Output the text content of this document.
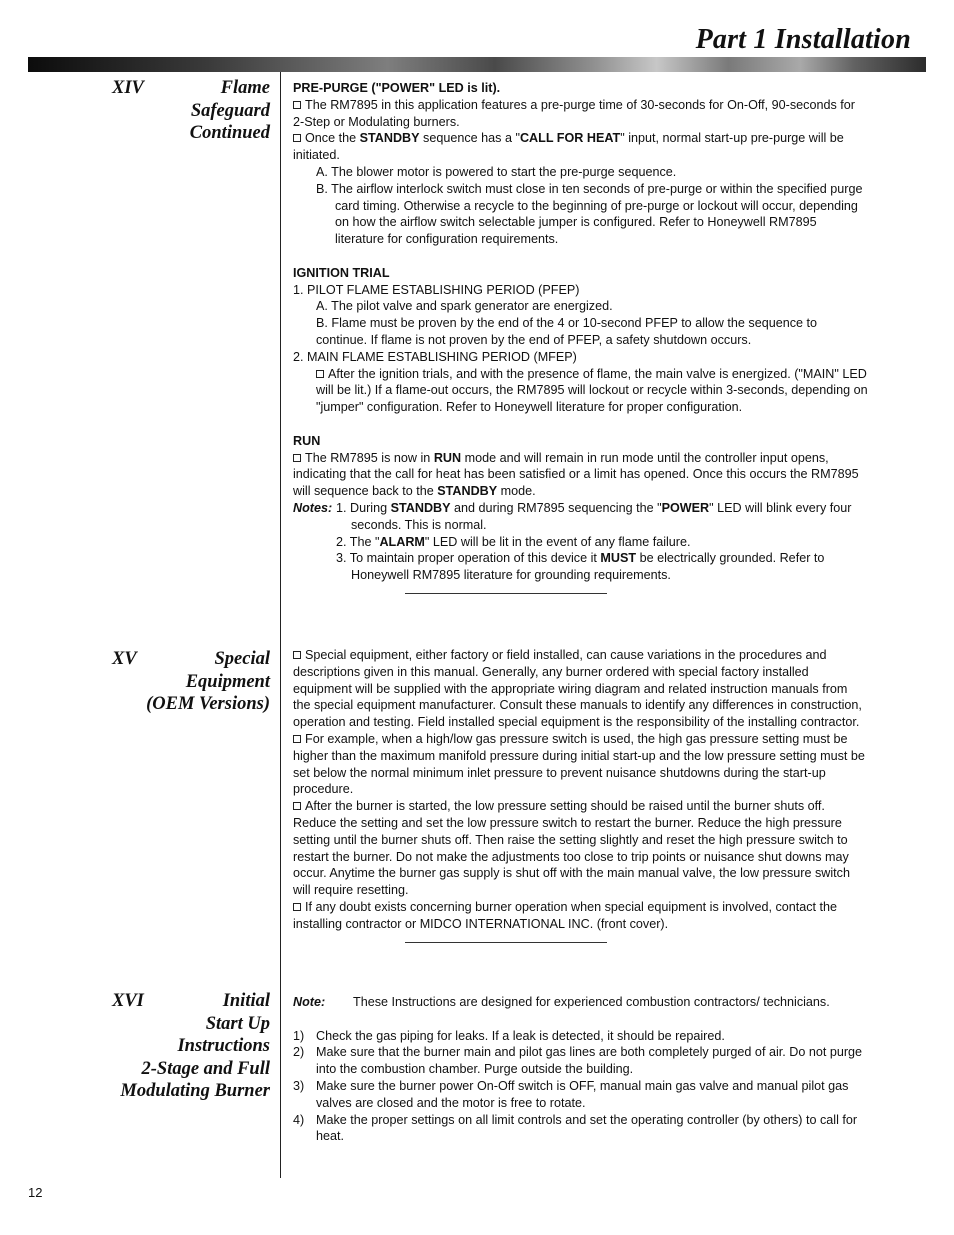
Part 1 Installation
XIV	Flame
Safeguard
Continued

PRE-PURGE ("POWER" LED is lit).

The RM7895 in this application features a pre-purge time of 30-seconds for On-Off, 90-seconds for 2-Step or Modulating burners.

Once the STANDBY sequence has a "CALL FOR HEAT" input, normal start-up pre-purge will be initiated.

A. The blower motor is powered to start the pre-purge sequence.

B. The airflow interlock switch must close in ten seconds of pre-purge or within the specified purge card timing. Otherwise a recycle to the beginning of pre-purge or lockout will occur, depending on how the airflow switch selectable jumper is configured. Refer to Honeywell RM7895 literature for configuration requirements.

IGNITION TRIAL

1. PILOT FLAME ESTABLISHING PERIOD (PFEP)

A. The pilot valve and spark generator are energized.

B. Flame must be proven by the end of the 4 or 10-second PFEP to allow the sequence to continue. If flame is not proven by the end of PFEP, a safety shutdown occurs.

2. MAIN FLAME ESTABLISHING PERIOD (MFEP)

After the ignition trials, and with the presence of flame, the main valve is energized. ("MAIN" LED will be lit.) If a flame-out occurs, the RM7895 will lockout or recycle within 3-seconds, depending on "jumper" configuration. Refer to Honeywell literature for proper configuration.

RUN

The RM7895 is now in RUN mode and will remain in run mode until the controller input opens, indicating that the call for heat has been satisfied or a limit has opened. Once this occurs the RM7895 will sequence back to the STANDBY mode.

Notes: 1. During STANDBY and during RM7895 sequencing the "POWER" LED will blink every four seconds. This is normal.

2. The "ALARM" LED will be lit in the event of any flame failure.

3. To maintain proper operation of this device it MUST be electrically grounded. Refer to Honeywell RM7895 literature for grounding requirements.

XV	Special
Equipment
(OEM Versions)

Special equipment, either factory or field installed, can cause variations in the procedures and descriptions given in this manual. Generally, any burner ordered with special factory installed equipment will be supplied with the appropriate wiring diagram and related instruction manuals from the special equipment manufacturer. Consult these manuals to identify any differences in construction, operation and testing. Field installed special equipment is the responsibility of the installing contractor.

For example, when a high/low gas pressure switch is used, the high gas pressure setting must be higher than the maximum manifold pressure during initial start-up and the low pressure setting must be set below the normal minimum inlet pressure to prevent nuisance shutdowns during the start-up procedure.

After the burner is started, the low pressure setting should be raised until the burner shuts off. Reduce the setting and set the low pressure switch to restart the burner. Reduce the high pressure setting until the burner shuts off. Then raise the setting slightly and reset the high pressure switch to restart the burner. Do not make the adjustments too close to trip points or nuisance shut downs may occur. Anytime the burner gas supply is shut off with the main manual valve, the low pressure switch will require resetting.

If any doubt exists concerning burner operation when special equipment is involved, contact the installing contractor or MIDCO INTERNATIONAL INC. (front cover).

XVI	Initial
Start Up
Instructions
2-Stage and Full
Modulating Burner
Note:	These Instructions are designed for experienced combustion contractors/ technicians.
1) Check the gas piping for leaks. If a leak is detected, it should be repaired.
2) Make sure that the burner main and pilot gas lines are both completely purged of air. Do not purge into the combustion chamber. Purge outside the building.
3) Make sure the burner power On-Off switch is OFF, manual main gas valve and manual pilot gas valves are closed and the motor is free to rotate.
4) Make the proper settings on all limit controls and set the operating controller (by others) to call for heat.
12
